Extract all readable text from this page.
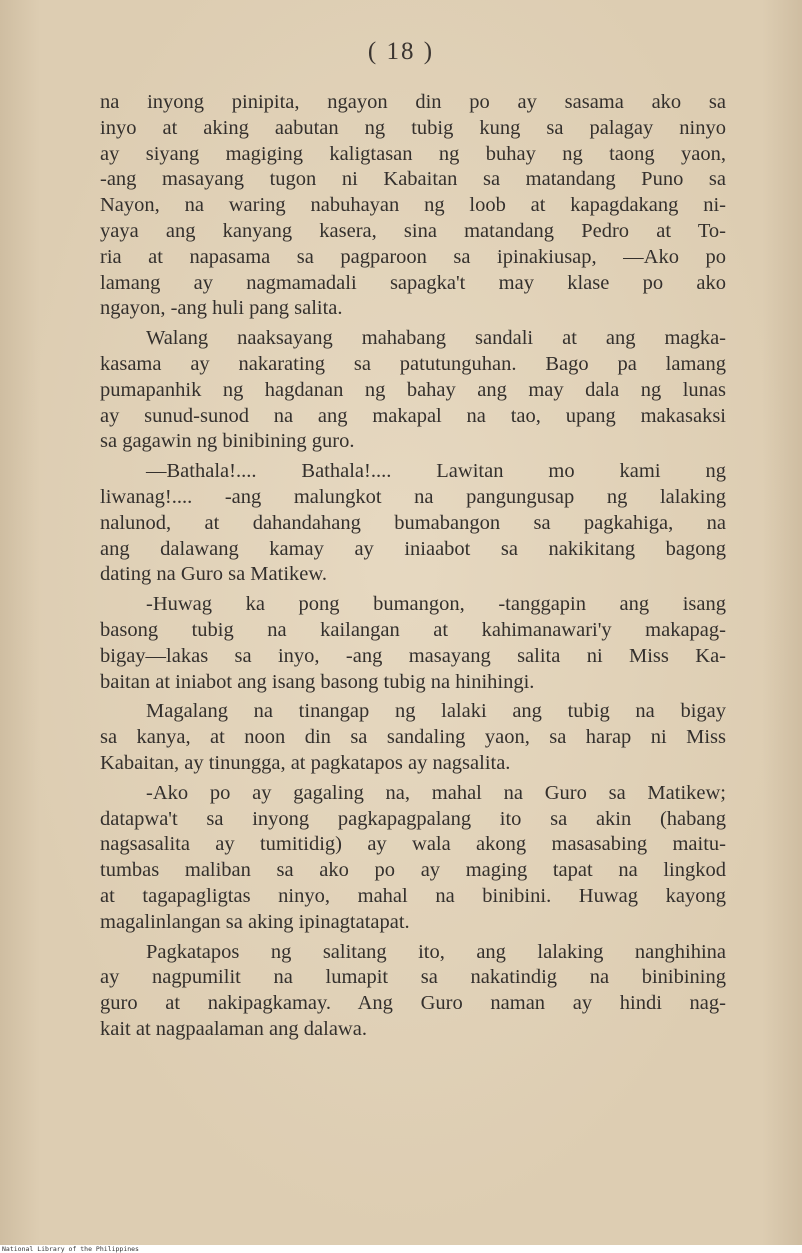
( 18 )
na inyong pinipita, ngayon din po ay sasama ako sa
inyo at aking aabutan ng tubig kung sa palagay ninyo
ay siyang magiging kaligtasan ng buhay ng taong yaon,
-ang masayang tugon ni Kabaitan sa matandang Puno sa
Nayon, na waring nabuhayan ng loob at kapagdakang ni-
yaya ang kanyang kasera, sina matandang Pedro at To-
ria at napasama sa pagparoon sa ipinakiusap, —Ako po
lamang ay nagmamadali sapagka't may klase po ako
ngayon, -ang huli pang salita.
Walang naaksayang mahabang sandali at ang magka-
kasama ay nakarating sa patutunguhan. Bago pa lamang
pumapanhik ng hagdanan ng bahay ang may dala ng lunas
ay sunud-sunod na ang makapal na tao, upang makasaksi
sa gagawin ng binibining guro.
—Bathala!.... Bathala!.... Lawitan mo kami ng
liwanag!.... -ang malungkot na pangungusap ng lalaking
nalunod, at dahandahang bumabangon sa pagkahiga, na
ang dalawang kamay ay iniaabot sa nakikitang bagong
dating na Guro sa Matikew.
-Huwag ka pong bumangon, -tanggapin ang isang
basong tubig na kailangan at kahimanawari'y makapag-
bigay—lakas sa inyo, -ang masayang salita ni Miss Ka-
baitan at iniabot ang isang basong tubig na hinihingi.
Magalang na tinangap ng lalaki ang tubig na bigay
sa kanya, at noon din sa sandaling yaon, sa harap ni Miss
Kabaitan, ay tinungga, at pagkatapos ay nagsalita.
-Ako po ay gagaling na, mahal na Guro sa Matikew;
datapwa't sa inyong pagkapagpalang ito sa akin (habang
nagsasalita ay tumitidig) ay wala akong masasabing maitu-
tumbas maliban sa ako po ay maging tapat na lingkod
at tagapagligtas ninyo, mahal na binibini. Huwag kayong
magalinlangan sa aking ipinagtatapat.
Pagkatapos ng salitang ito, ang lalaking nanghihina
ay nagpumilit na lumapit sa nakatindig na binibining
guro at nakipagkamay. Ang Guro naman ay hindi nag-
kait at nagpaalaman ang dalawa.
National Library of the Philippines
